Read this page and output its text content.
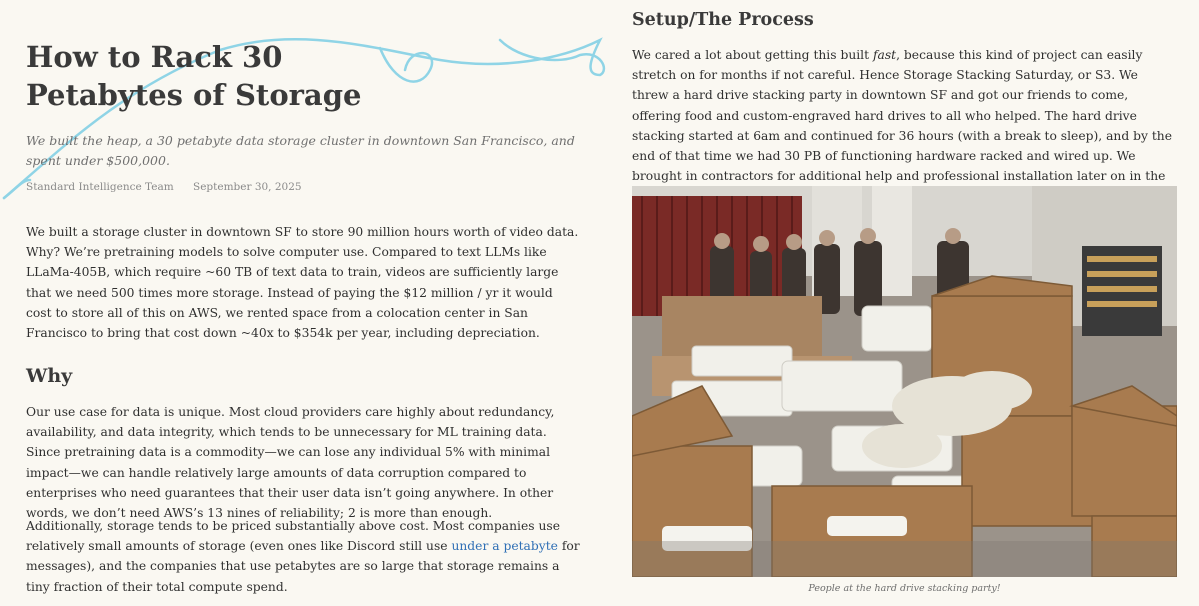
How to Rack 30 Petabytes of Storage

We built the heap, a 30 petabyte data storage cluster in downtown San Francisco, and spent under $500,000.

Standard Intelligence Team September 30, 2025

We built a storage cluster in downtown SF to store 90 million hours worth of video data. Why? We’re pretraining models to solve computer use. Compared to text LLMs like LLaMa-405B, which require ~60 TB of text data to train, videos are sufficiently large that we need 500 times more storage. Instead of paying the $12 million / yr it would cost to store all of this on AWS, we rented space from a colocation center in San Francisco to bring that cost down ~40x to $354k per year, including depreciation.

Why

Our use case for data is unique. Most cloud providers care highly about redundancy, availability, and data integrity, which tends to be unnecessary for ML training data. Since pretraining data is a commodity—we can lose any individual 5% with minimal impact—we can handle relatively large amounts of data corruption compared to enterprises who need guarantees that their user data isn’t going anywhere. In other words, we don’t need AWS’s 13 nines of reliability; 2 is more than enough.

Additionally, storage tends to be priced substantially above cost. Most companies use relatively small amounts of storage (even ones like Discord still use under a petabyte for messages), and the companies that use petabytes are so large that storage remains a tiny fraction of their total compute spend.

Setup/The Process

We cared a lot about getting this built fast, because this kind of project can easily stretch on for months if not careful. Hence Storage Stacking Saturday, or S3. We threw a hard drive stacking party in downtown SF and got our friends to come, offering food and custom-engraved hard drives to all who helped. The hard drive stacking started at 6am and continued for 36 hours (with a break to sleep), and by the end of that time we had 30 PB of functioning hardware racked and wired up. We brought in contractors for additional help and professional installation later on in the

People at the hard drive stacking party!
